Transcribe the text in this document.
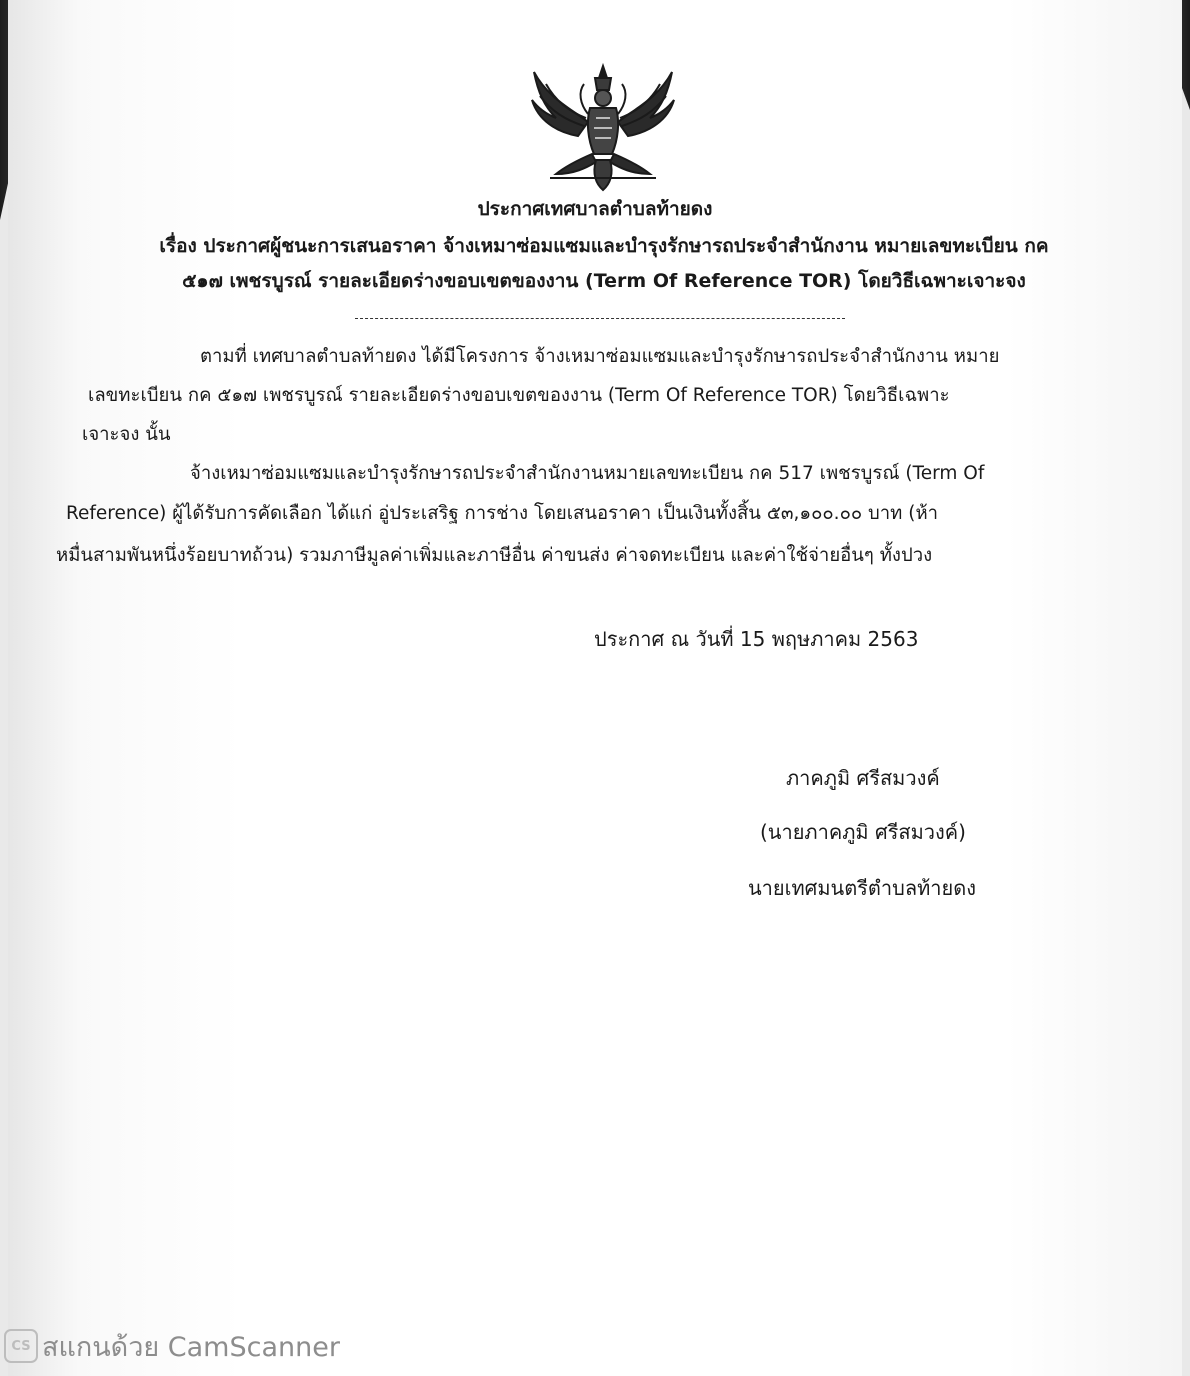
ประกาศเทศบาลตำบลท้ายดง
เรื่อง ประกาศผู้ชนะการเสนอราคา จ้างเหมาซ่อมแซมและบำรุงรักษารถประจำสำนักงาน หมายเลขทะเบียน กค
๕๑๗ เพชรบูรณ์ รายละเอียดร่างขอบเขตของงาน (Term Of Reference TOR) โดยวิธีเฉพาะเจาะจง
ตามที่ เทศบาลตำบลท้ายดง ได้มีโครงการ จ้างเหมาซ่อมแซมและบำรุงรักษารถประจำสำนักงาน หมาย
เลขทะเบียน กค ๕๑๗ เพชรบูรณ์ รายละเอียดร่างขอบเขตของงาน (Term Of Reference TOR) โดยวิธีเฉพาะ
เจาะจง นั้น
จ้างเหมาซ่อมแซมและบำรุงรักษารถประจำสำนักงานหมายเลขทะเบียน กค 517 เพชรบูรณ์ (Term Of
Reference) ผู้ได้รับการคัดเลือก ได้แก่ อู่ประเสริฐ การช่าง โดยเสนอราคา เป็นเงินทั้งสิ้น ๕๓,๑๐๐.๐๐ บาท (ห้า
หมื่นสามพันหนึ่งร้อยบาทถ้วน) รวมภาษีมูลค่าเพิ่มและภาษีอื่น ค่าขนส่ง ค่าจดทะเบียน และค่าใช้จ่ายอื่นๆ ทั้งปวง
ประกาศ ณ วันที่ 15 พฤษภาคม 2563
ภาคภูมิ ศรีสมวงค์
(นายภาคภูมิ ศรีสมวงค์)
นายเทศมนตรีตำบลท้ายดง
CS สแกนด้วย CamScanner
